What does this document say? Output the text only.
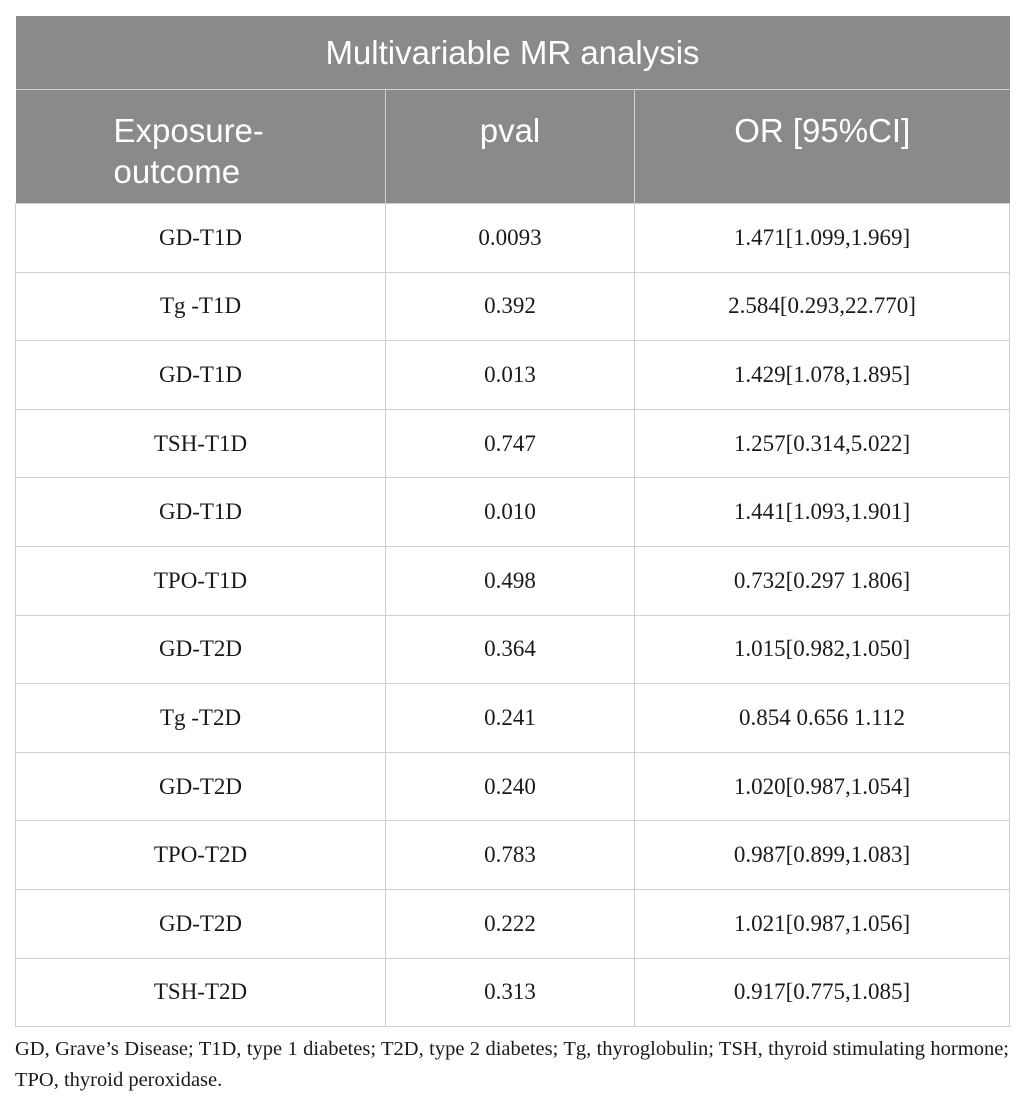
Multivariable MR analysis		

Exposure-
outcome	pval	OR [95%CI]

GD-T1D	0.0093	1.471[1.099,1.969]
Tg -T1D	0.392	2.584[0.293,22.770]
GD-T1D	0.013	1.429[1.078,1.895]
TSH-T1D	0.747	1.257[0.314,5.022]
GD-T1D	0.010	1.441[1.093,1.901]
TPO-T1D	0.498	0.732[0.297 1.806]
GD-T2D	0.364	1.015[0.982,1.050]
Tg -T2D	0.241	0.854 0.656 1.112
GD-T2D	0.240	1.020[0.987,1.054]
TPO-T2D	0.783	0.987[0.899,1.083]
GD-T2D	0.222	1.021[0.987,1.056]
TSH-T2D	0.313	0.917[0.775,1.085]

GD, Grave’s Disease; T1D, type 1 diabetes; T2D, type 2 diabetes; Tg, thyroglobulin; TSH, thyroid stimulating hormone; TPO, thyroid peroxidase.
